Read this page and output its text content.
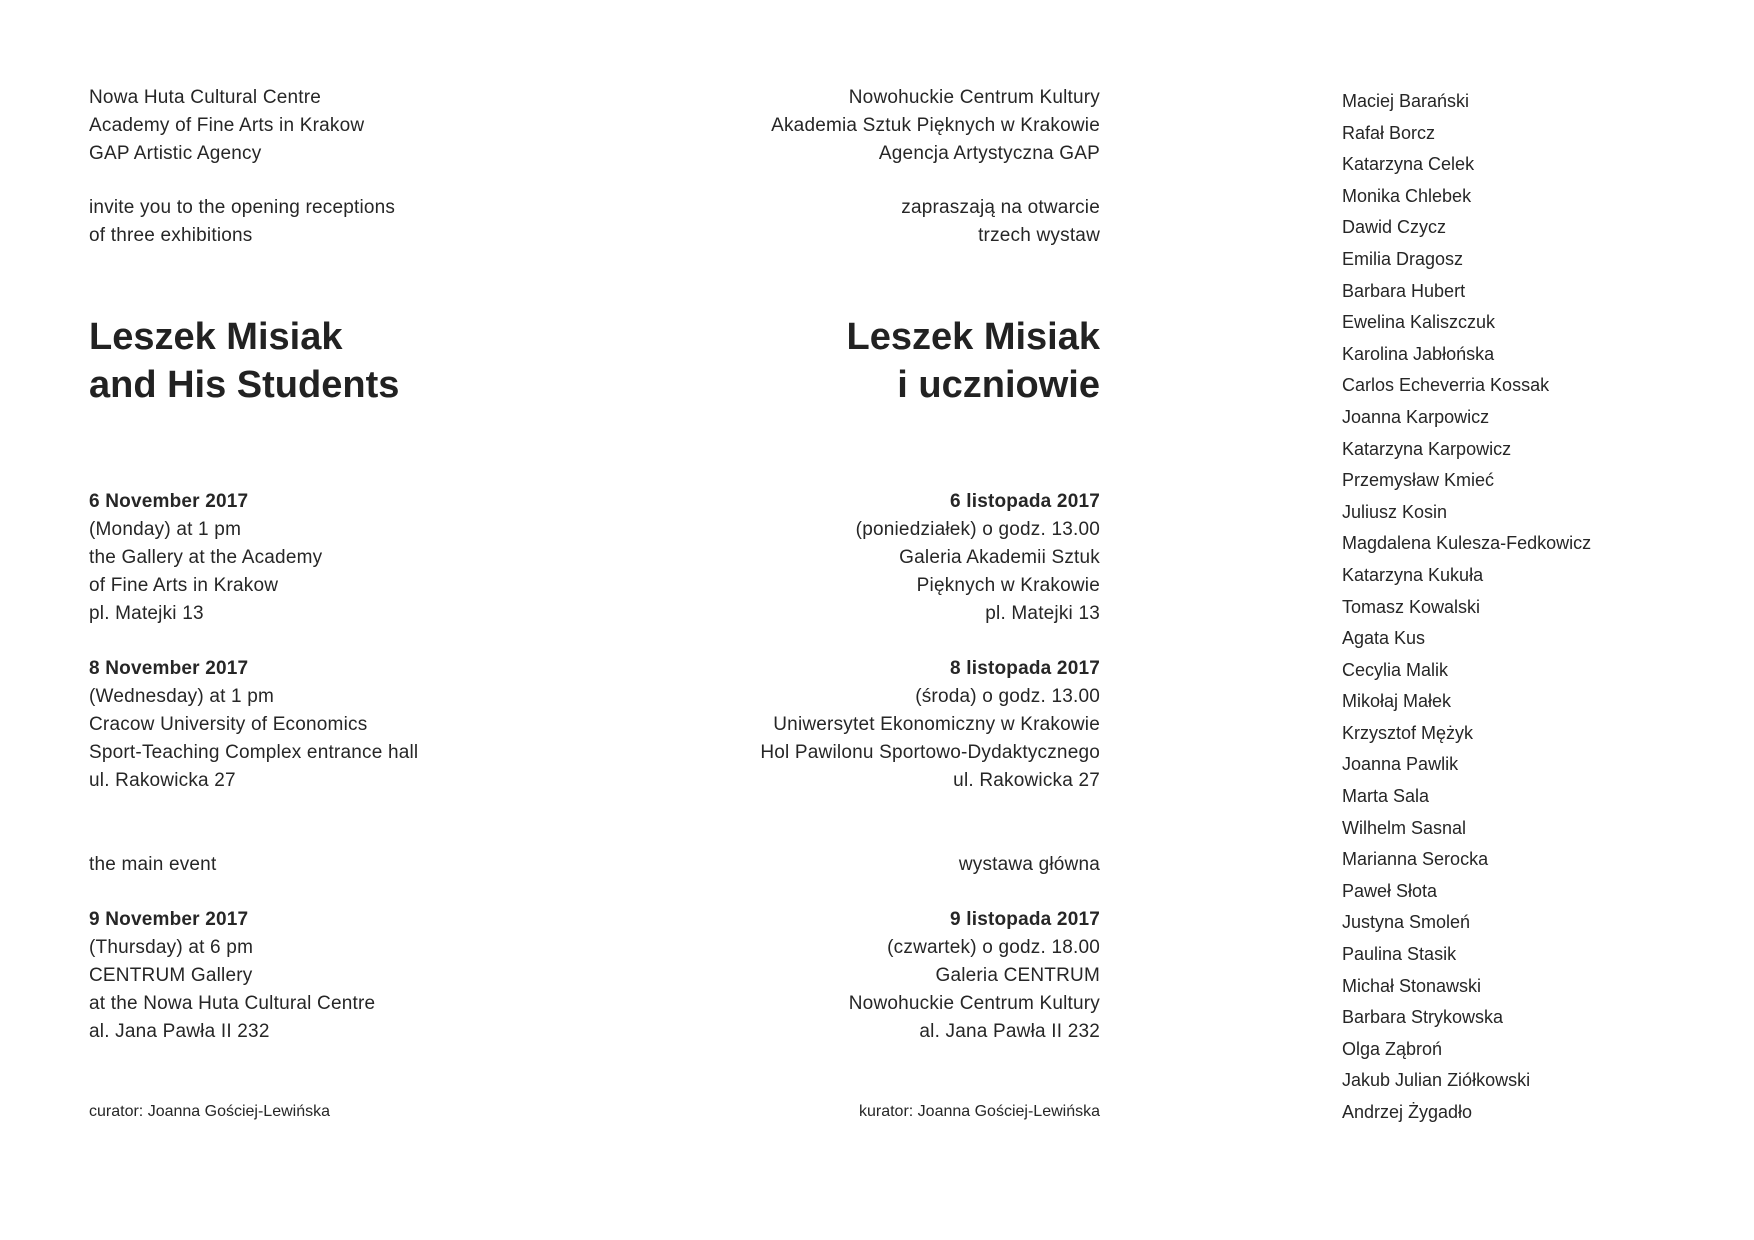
Nowa Huta Cultural Centre
Academy of Fine Arts in Krakow
GAP Artistic Agency
invite you to the opening receptions
of three exhibitions
Leszek Misiak
and His Students
6 November 2017
(Monday) at 1 pm
the Gallery at the Academy
of Fine Arts in Krakow
pl. Matejki 13
8 November 2017
(Wednesday) at 1 pm
Cracow University of Economics
Sport-Teaching Complex entrance hall
ul. Rakowicka 27
the main event
9 November 2017
(Thursday) at 6 pm
CENTRUM Gallery
at the Nowa Huta Cultural Centre
al. Jana Pawła II 232
curator: Joanna Gościej-Lewińska
Nowohuckie Centrum Kultury
Akademia Sztuk Pięknych w Krakowie
Agencja Artystyczna GAP
zapraszają na otwarcie
trzech wystaw
Leszek Misiak
i uczniowie
6 listopada 2017
(poniedziałek) o godz. 13.00
Galeria Akademii Sztuk
Pięknych w Krakowie
pl. Matejki 13
8 listopada 2017
(środa) o godz. 13.00
Uniwersytet Ekonomiczny w Krakowie
Hol Pawilonu Sportowo-Dydaktycznego
ul. Rakowicka 27
wystawa główna
9 listopada 2017
(czwartek) o godz. 18.00
Galeria CENTRUM
Nowohuckie Centrum Kultury
al. Jana Pawła II 232
kurator: Joanna Gościej-Lewińska
Maciej Barański
Rafał Borcz
Katarzyna Celek
Monika Chlebek
Dawid Czycz
Emilia Dragosz
Barbara Hubert
Ewelina Kaliszczuk
Karolina Jabłońska
Carlos Echeverria Kossak
Joanna Karpowicz
Katarzyna Karpowicz
Przemysław Kmieć
Juliusz Kosin
Magdalena Kulesza-Fedkowicz
Katarzyna Kukuła
Tomasz Kowalski
Agata Kus
Cecylia Malik
Mikołaj Małek
Krzysztof Mężyk
Joanna Pawlik
Marta Sala
Wilhelm Sasnal
Marianna Serocka
Paweł Słota
Justyna Smoleń
Paulina Stasik
Michał Stonawski
Barbara Strykowska
Olga Ząbroń
Jakub Julian Ziółkowski
Andrzej Żygadło
